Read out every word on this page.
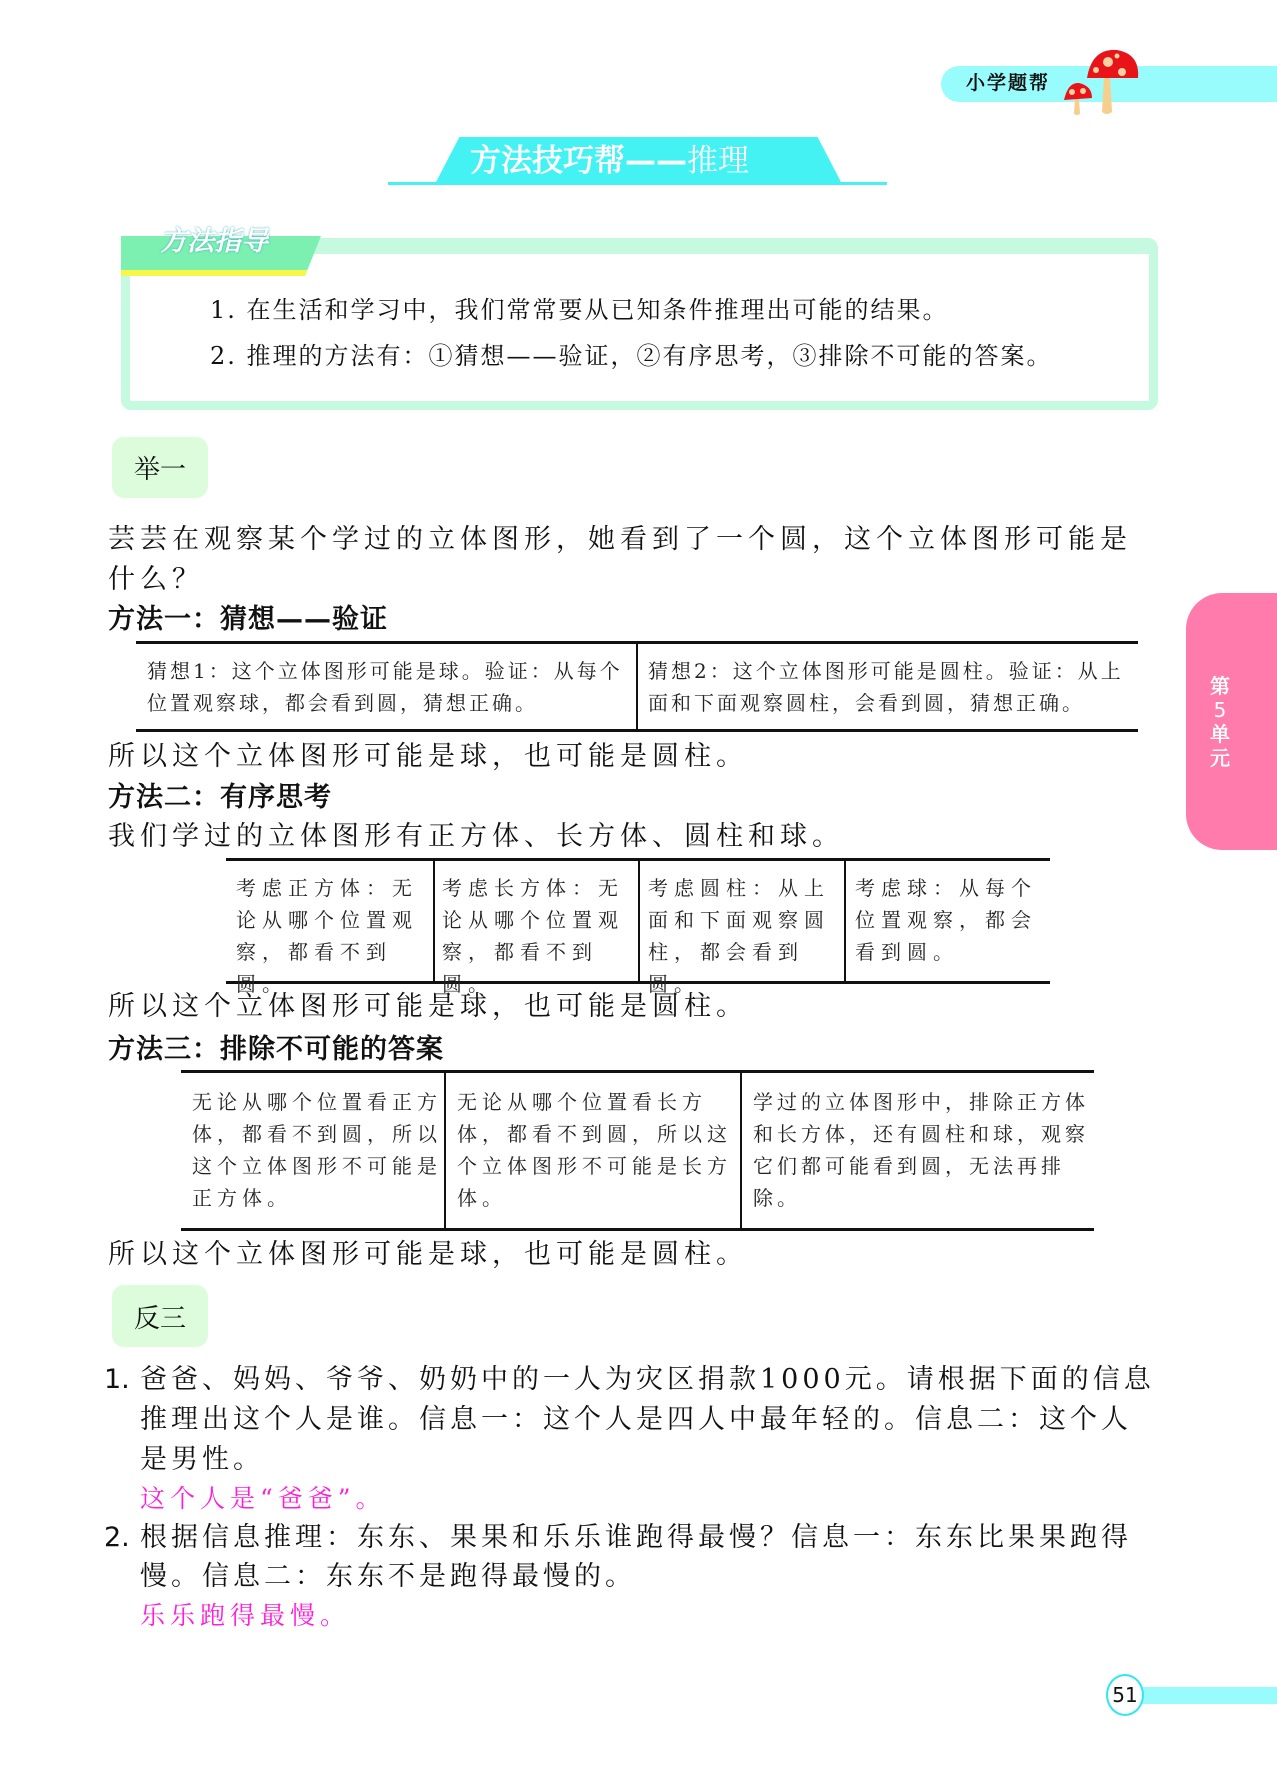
小学题帮
方法技巧帮——推理
方法指导
1. 在生活和学习中，我们常常要从已知条件推理出可能的结果。
2. 推理的方法有：①猜想——验证，②有序思考，③排除不可能的答案。
举一
芸芸在观察某个学过的立体图形，她看到了一个圆，这个立体图形可能是
什么？
方法一：猜想——验证
猜想1：这个立体图形可能是球。验证：从每个位置观察球，都会看到圆，猜想正确。
猜想2：这个立体图形可能是圆柱。验证：从上面和下面观察圆柱，会看到圆，猜想正确。
所以这个立体图形可能是球，也可能是圆柱。
方法二：有序思考
我们学过的立体图形有正方体、长方体、圆柱和球。
考虑正方体：无论从哪个位置观察，都看不到圆。
考虑长方体：无论从哪个位置观察，都看不到圆。
考虑圆柱：从上面和下面观察圆柱，都会看到圆。
考虑球：从每个位置观察，都会看到圆。
所以这个立体图形可能是球，也可能是圆柱。
方法三：排除不可能的答案
无论从哪个位置看正方体，都看不到圆，所以这个立体图形不可能是正方体。
无论从哪个位置看长方体，都看不到圆，所以这个立体图形不可能是长方体。
学过的立体图形中，排除正方体和长方体，还有圆柱和球，观察它们都可能看到圆，无法再排除。
所以这个立体图形可能是球，也可能是圆柱。
反三
1. 爸爸、妈妈、爷爷、奶奶中的一人为灾区捐款1000元。请根据下面的信息
推理出这个人是谁。信息一：这个人是四人中最年轻的。信息二：这个人
是男性。
这个人是“爸爸”。
2. 根据信息推理：东东、果果和乐乐谁跑得最慢？信息一：东东比果果跑得
慢。信息二：东东不是跑得最慢的。
乐乐跑得最慢。
第
5
单
元
51
